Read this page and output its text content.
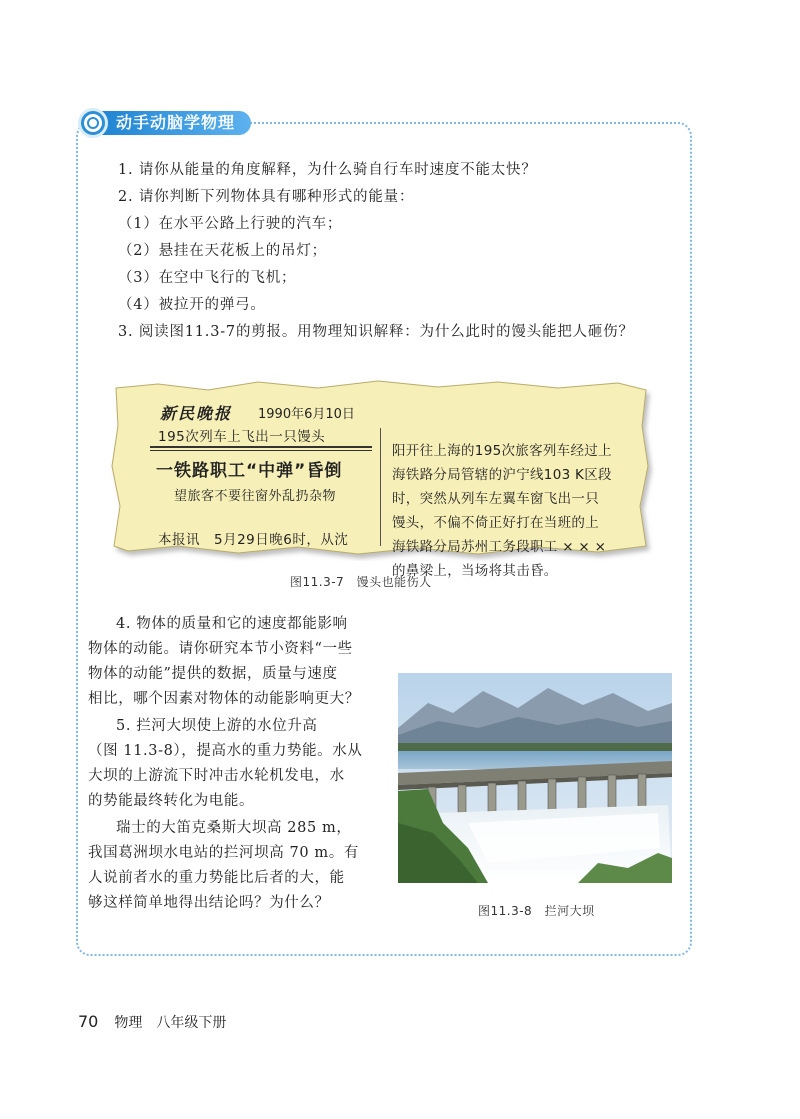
动手动脑学物理
1. 请你从能量的角度解释，为什么骑自行车时速度不能太快？
2. 请你判断下列物体具有哪种形式的能量：
（1）在水平公路上行驶的汽车；
（2）悬挂在天花板上的吊灯；
（3）在空中飞行的飞机；
（4）被拉开的弹弓。
3. 阅读图11.3-7的剪报。用物理知识解释：为什么此时的馒头能把人砸伤？
新民晚报 1990年6月10日
195次列车上飞出一只馒头
一铁路职工“中弹”昏倒
望旅客不要往窗外乱扔杂物
本报讯　5月29日晚6时，从沈
阳开往上海的195次旅客列车经过上
海铁路分局管辖的沪宁线103 K区段
时，突然从列车左翼车窗飞出一只
馒头，不偏不倚正好打在当班的上
海铁路分局苏州工务段职工 × × ×
的鼻梁上，当场将其击昏。
图11.3-7　馒头也能伤人
4. 物体的质量和它的速度都能影响
物体的动能。请你研究本节小资料“一些
物体的动能”提供的数据，质量与速度
相比，哪个因素对物体的动能影响更大？
5. 拦河大坝使上游的水位升高
（图 11.3-8），提高水的重力势能。水从
大坝的上游流下时冲击水轮机发电，水
的势能最终转化为电能。
瑞士的大笛克桑斯大坝高 285 m，
我国葛洲坝水电站的拦河坝高 70 m。有
人说前者水的重力势能比后者的大，能
够这样简单地得出结论吗？为什么？	图11.3-8　拦河大坝
70 物理　八年级下册
